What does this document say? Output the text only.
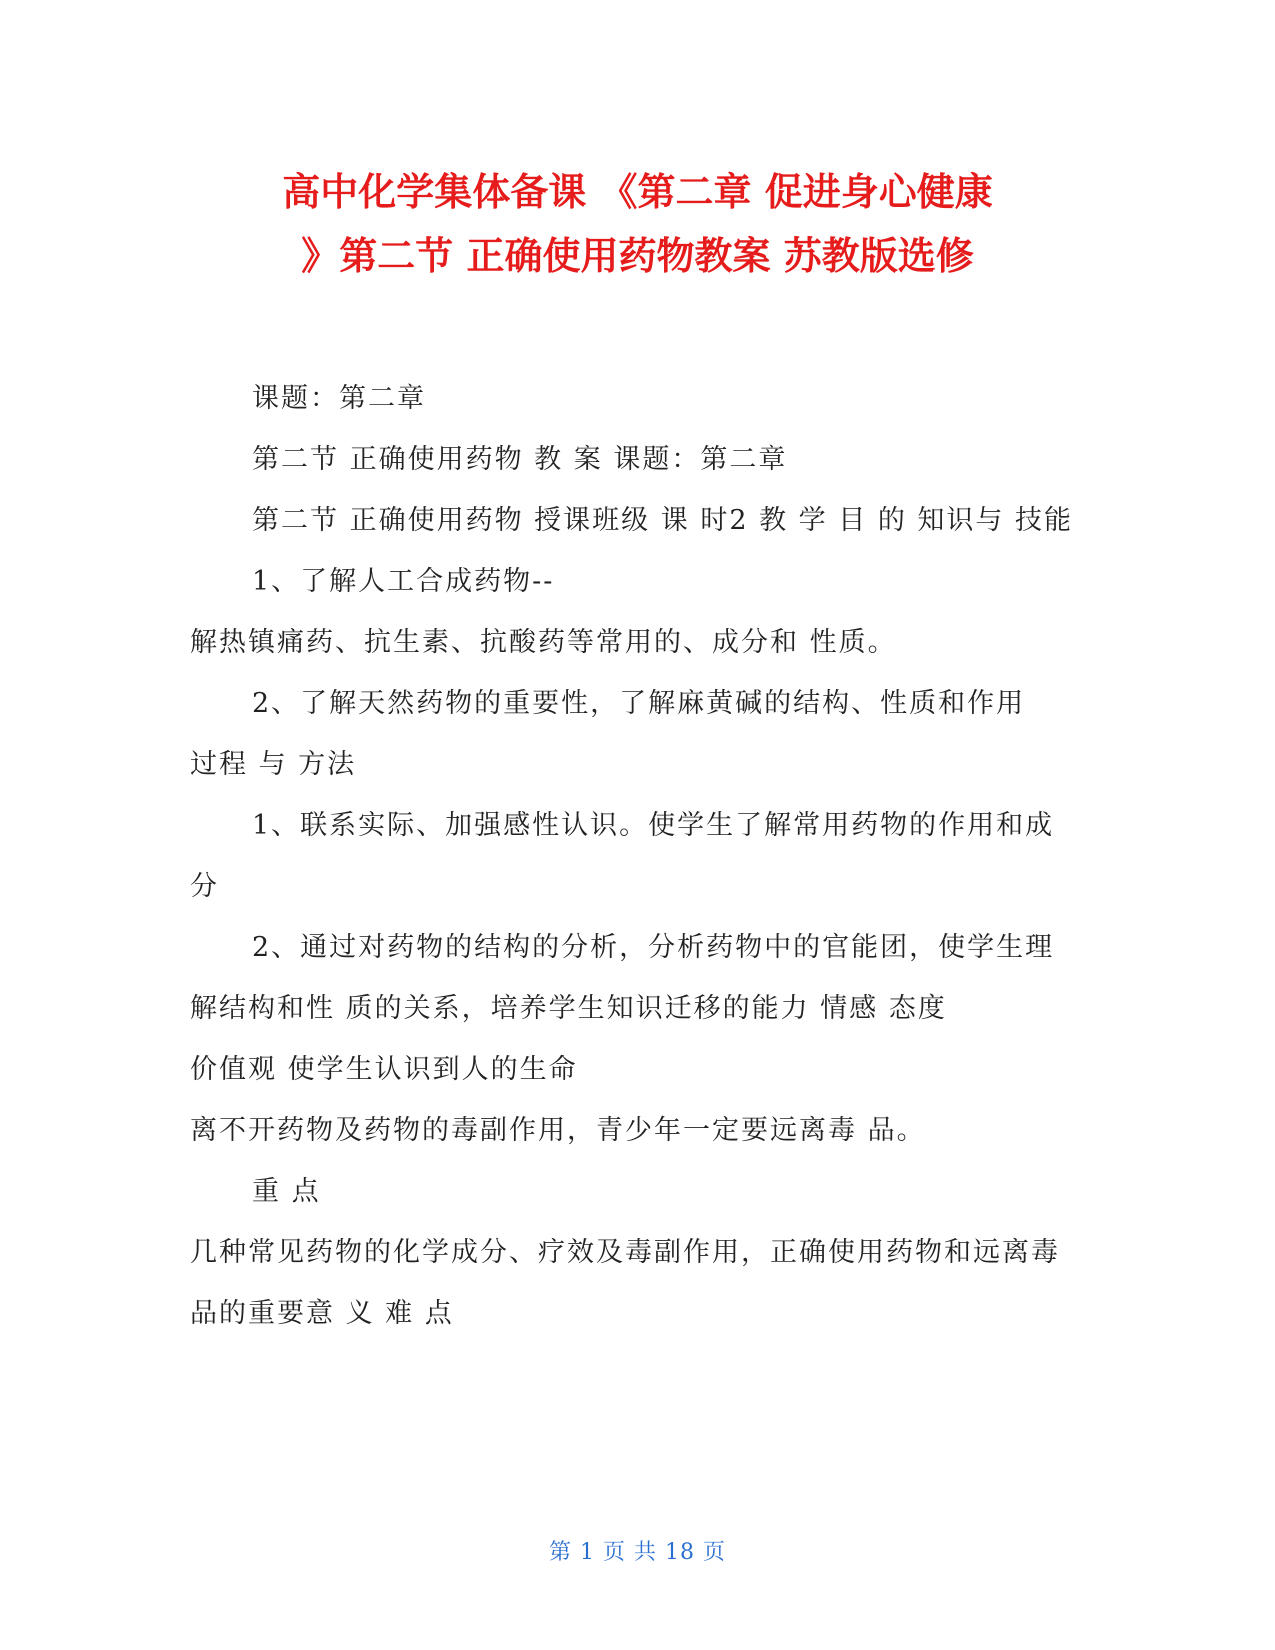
高中化学集体备课 《第二章 促进身心健康
》第二节 正确使用药物教案 苏教版选修

课题：第二章

第二节 正确使用药物 教 案 课题：第二章

第二节 正确使用药物 授课班级 课 时2 教 学 目 的 知识与 技能

1、了解人工合成药物--

解热镇痛药、抗生素、抗酸药等常用的、成分和 性质。

2、了解天然药物的重要性，了解麻黄碱的结构、性质和作用

过程 与 方法

1、联系实际、加强感性认识。使学生了解常用药物的作用和成分

2、通过对药物的结构的分析，分析药物中的官能团，使学生理解结构和性 质的关系，培养学生知识迁移的能力 情感 态度

价值观 使学生认识到人的生命

离不开药物及药物的毒副作用，青少年一定要远离毒 品。

重 点

几种常见药物的化学成分、疗效及毒副作用，正确使用药物和远离毒品的重要意 义 难 点

第 1 页 共 18 页
